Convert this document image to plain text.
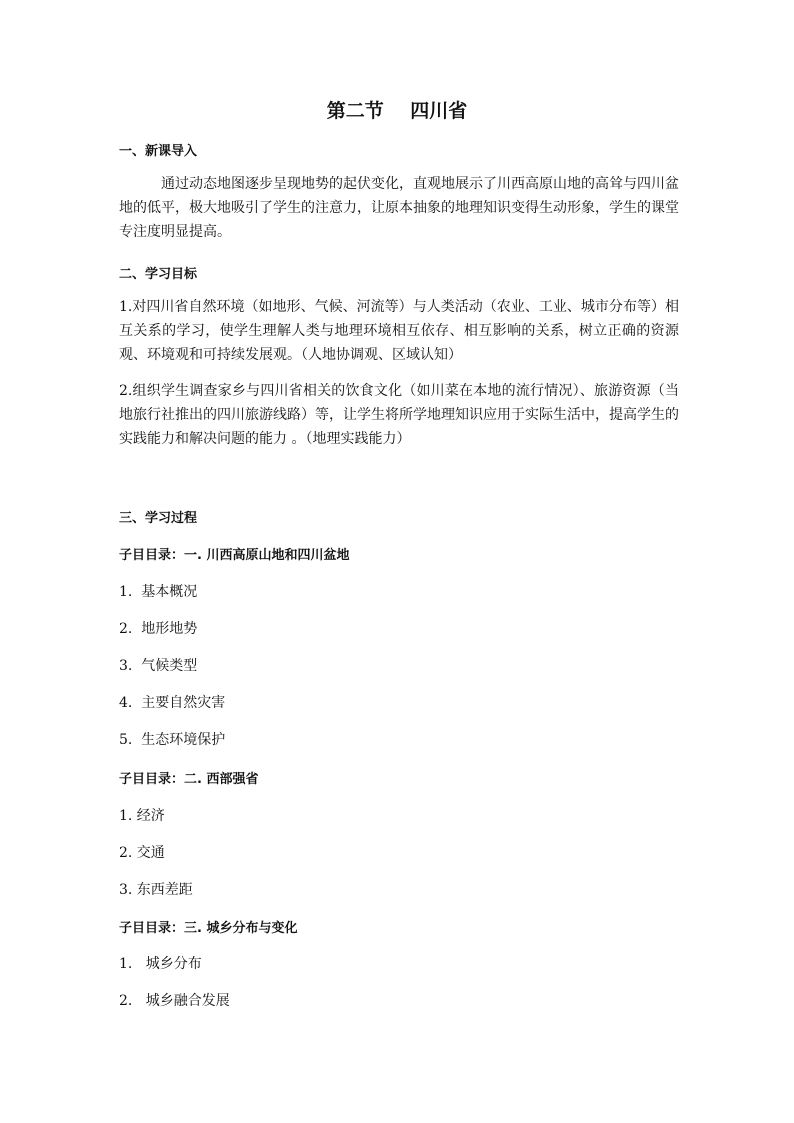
第二节    四川省
一、新课导入
通过动态地图逐步呈现地势的起伏变化，直观地展示了川西高原山地的高耸与四川盆地的低平，极大地吸引了学生的注意力，让原本抽象的地理知识变得生动形象，学生的课堂专注度明显提高。
二、学习目标
1.对四川省自然环境（如地形、气候、河流等）与人类活动（农业、工业、城市分布等）相互关系的学习，使学生理解人类与地理环境相互依存、相互影响的关系，树立正确的资源观、环境观和可持续发展观。（人地协调观、区域认知）
2.组织学生调查家乡与四川省相关的饮食文化（如川菜在本地的流行情况）、旅游资源（当地旅行社推出的四川旅游线路）等，让学生将所学地理知识应用于实际生活中，提高学生的实践能力和解决问题的能力 。（地理实践能力）
三、学习过程
子目目录：一. 川西高原山地和四川盆地
1.  基本概况
2.  地形地势
3.  气候类型
4.  主要自然灾害
5.  生态环境保护
子目目录：二. 西部强省
1. 经济
2. 交通
3. 东西差距
子目目录：三. 城乡分布与变化
1.   城乡分布
2.   城乡融合发展
